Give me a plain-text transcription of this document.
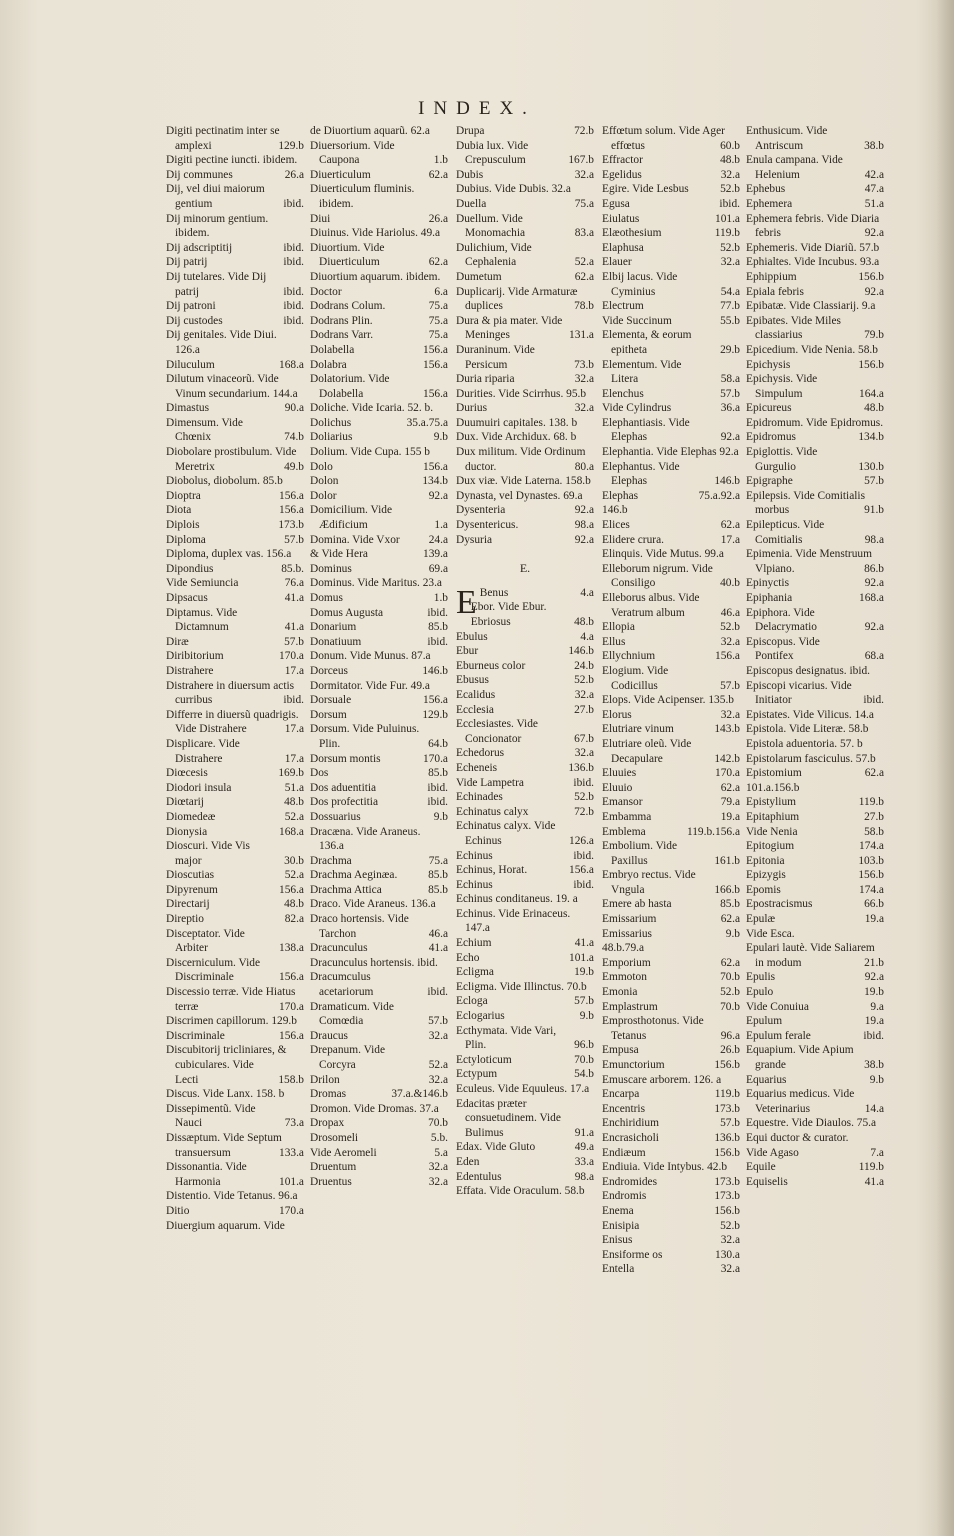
INDEX.
Digiti pectinatim inter se amplexi	129.b
Digiti pectine iuncti. ibidem.
Dij communes	26.a
Dij, vel diui maiorum gentium	ibid.
Dij minorum gentium. ibidem.
Dij adscriptitij	ibid.
Dij patrij	ibid.
Dij tutelares. Vide Dij patrij	ibid.
Dij patroni	ibid.
Dij custodes	ibid.
Dij genitales. Vide Diui. 126.a
Diluculum	168.a
Dilutum vinaceorũ. Vide Vinum secundarium. 144.a
Dimastus	90.a
Dimensum. Vide Chœnix	74.b
Diobolare prostibulum. Vide Meretrix	49.b
Diobolus, diobolum. 85.b
Dioptra	156.a
Diota	156.a
Diplois	173.b
Diploma	57.b
Diploma, duplex vas. 156.a
Dipondius	85.b.
Vide Semiuncia	76.a
Dipsacus	41.a
Diptamus. Vide Dictamnum	41.a
Diræ	57.b
Diribitorium	170.a
Distrahere	17.a
Distrahere in diuersum actis curribus	ibid.
Differre in diuersũ quadrigis. Vide Distrahere	17.a
Displicare. Vide Distrahere	17.a
Diœcesis	169.b
Diodori insula	51.a
Diœtarij	48.b
Diomedeæ	52.a
Dionysia	168.a
Dioscuri. Vide Vis major	30.b
Dioscutias	52.a
Dipyrenum	156.a
Directarij	48.b
Direptio	82.a
Disceptator. Vide Arbiter	138.a
Discerniculum. Vide Discriminale	156.a
Discessio terræ. Vide Hiatus terræ	170.a
Discrimen capillorum. 129.b
Discriminale	156.a
Discubitorij tricliniares, & cubiculares. Vide Lecti	158.b
Discus. Vide Lanx. 158. b
Dissepimentũ. Vide Nauci	73.a
Dissæptum. Vide Septum transuersum	133.a
Dissonantia. Vide Harmonia	101.a
Distentio. Vide Tetanus. 96.a
Ditio	170.a
Diuergium aquarum. Vide
de Diuortium aquarũ. 62.a
Diuersorium. Vide Caupona	1.b
Diuerticulum	62.a
Diuerticulum fluminis. ibidem.
Diui	26.a
Diuinus. Vide Hariolus. 49.a
Diuortium. Vide Diuerticulum	62.a
Diuortium aquarum. ibidem.
Doctor	6.a
Dodrans Colum.	75.a
Dodrans Plin.	75.a
Dodrans Varr.	75.a
Dolabella	156.a
Dolabra	156.a
Dolatorium. Vide Dolabella	156.a
Doliche. Vide Icaria. 52. b.
Dolichus	35.a.75.a
Doliarius	9.b
Dolium. Vide Cupa. 155 b
Dolo	156.a
Dolon	134.b
Dolor	92.a
Domicilium. Vide Ædificium	1.a
Domina. Vide Vxor	24.a
& Vide Hera	139.a
Dominus	69.a
Dominus. Vide Maritus. 23.a
Domus	1.b
Domus Augusta	ibid.
Donarium	85.b
Donatiuum	ibid.
Donum. Vide Munus. 87.a
Dorceus	146.b
Dormitator. Vide Fur. 49.a
Dorsuale	156.a
Dorsum	129.b
Dorsum. Vide Puluinus. Plin.	64.b
Dorsum montis	170.a
Dos	85.b
Dos aduentitia	ibid.
Dos profectitia	ibid.
Dossuarius	9.b
Dracæna. Vide Araneus. 136.a
Drachma	75.a
Drachma Aeginæa.	85.b
Drachma Attica	85.b
Draco. Vide Araneus. 136.a
Draco hortensis. Vide Tarchon	46.a
Dracunculus	41.a
Dracunculus hortensis. ibid.
Dracumculus acetariorum	ibid.
Dramaticum. Vide Comœdia	57.b
Draucus	32.a
Drepanum. Vide Corcyra	52.a
Drilon	32.a
Dromas	37.a.&146.b
Dromon. Vide Dromas. 37.a
Dropax	70.b
Drosomeli	5.b.
Vide Aeromeli	5.a
Druentum	32.a
Druentus	32.a
Drupa	72.b
Dubia lux. Vide Crepusculum	167.b
Dubis	32.a
Dubius. Vide Dubis. 32.a
Duella	75.a
Duellum. Vide Monomachia	83.a
Dulichium, Vide Cephalenia	52.a
Dumetum	62.a
Duplicarij. Vide Armaturæ duplices	78.b
Dura & pia mater. Vide Meninges	131.a
Duraninum. Vide Persicum	73.b
Duria riparia	32.a
Durities. Vide Scirrhus. 95.b
Durius	32.a
Duumuiri capitales. 138. b
Dux. Vide Archidux. 68. b
Dux militum. Vide Ordinum ductor.	80.a
Dux viæ. Vide Laterna. 158.b
Dynasta, vel Dynastes. 69.a
Dysenteria	92.a
Dysentericus.	98.a
Dysuria	92.a
E.
E Benus	4.a
Ebor. Vide Ebur.
Ebriosus	48.b
Ebulus	4.a
Ebur	146.b
Eburneus color	24.b
Ebusus	52.b
Ecalidus	32.a
Ecclesia	27.b
Ecclesiastes. Vide Concionator	67.b
Echedorus	32.a
Echeneis	136.b
Vide Lampetra	ibid.
Echinades	52.b
Echinatus calyx	72.b
Echinatus calyx. Vide Echinus	126.a
Echinus	ibid.
Echinus, Horat.	156.a
Echinus	ibid.
Echinus conditaneus. 19. a
Echinus. Vide Erinaceus. 147.a
Echium	41.a
Echo	101.a
Ecligma	19.b
Ecligma. Vide Illinctus. 70.b
Ecloga	57.b
Eclogarius	9.b
Ecthymata. Vide Vari, Plin.	96.b
Ectyloticum	70.b
Ectypum	54.b
Eculeus. Vide Equuleus. 17.a
Edacitas præter consuetudinem. Vide Bulimus	91.a
Edax. Vide Gluto	49.a
Eden	33.a
Edentulus	98.a
Effata. Vide Oraculum. 58.b
Effœtum solum. Vide Ager effœtus	60.b
Effractor	48.b
Egelidus	32.a
Egire. Vide Lesbus	52.b
Egusa	ibid.
Eiulatus	101.a
Elæothesium	119.b
Elaphusa	52.b
Elauer	32.a
Elbij lacus. Vide Cyminius	54.a
Electrum	77.b
Vide Succinum	55.b
Elementa, & eorum epitheta	29.b
Elementum. Vide Litera	58.a
Elenchus	57.b
Vide Cylindrus	36.a
Elephantiasis. Vide Elephas	92.a
Elephantia. Vide Elephas 92.a
Elephantus. Vide Elephas	146.b
Elephas	75.a.92.a
146.b
Elices	62.a
Elidere crura.	17.a
Elinquis. Vide Mutus. 99.a
Elleborum nigrum. Vide Consiligo	40.b
Elleborus albus. Vide Veratrum album	46.a
Ellopia	52.b
Ellus	32.a
Ellychnium	156.a
Elogium. Vide Codicillus	57.b
Elops. Vide Acipenser. 135.b
Elorus	32.a
Elutriare vinum	143.b
Elutriare oleũ. Vide Decapulare	142.b
Eluuies	170.a
Eluuio	62.a
Emansor	79.a
Embamma	19.a
Emblema	119.b.156.a
Embolium. Vide Paxillus	161.b
Embryo rectus. Vide Vngula	166.b
Emere ab hasta	85.b
Emissarium	62.a
Emissarius	9.b
48.b.79.a
Emporium	62.a
Emmoton	70.b
Emonia	52.b
Emplastrum	70.b
Emprosthotonus. Vide Tetanus	96.a
Empusa	26.b
Emunctorium	156.b
Emuscare arborem. 126. a
Encarpa	119.b
Encentris	173.b
Enchiridium	57.b
Encrasicholi	136.b
Endiæum	156.b
Endiuia. Vide Intybus. 42.b
Endromides	173.b
Endromis	173.b
Enema	156.b
Enisipia	52.b
Enisus	32.a
Ensiforme os	130.a
Entella	32.a
Enthusicum. Vide Antriscum	38.b
Enula campana. Vide Helenium	42.a
Ephebus	47.a
Ephemera	51.a
Ephemera febris. Vide Diaria febris	92.a
Ephemeris. Vide Diariũ. 57.b
Ephialtes. Vide Incubus. 93.a
Ephippium	156.b
Epiala febris	92.a
Epibatæ. Vide Classiarij. 9.a
Epibates. Vide Miles classiarius	79.b
Epicedium. Vide Nenia. 58.b
Epichysis	156.b
Epichysis. Vide Simpulum	164.a
Epicureus	48.b
Epidromum. Vide Epidromus.
Epidromus	134.b
Epiglottis. Vide Gurgulio	130.b
Epigraphe	57.b
Epilepsis. Vide Comitialis morbus	91.b
Epilepticus. Vide Comitialis	98.a
Epimenia. Vide Menstruum Vlpiano.	86.b
Epinyctis	92.a
Epiphania	168.a
Epiphora. Vide Delacrymatio	92.a
Episcopus. Vide Pontifex	68.a
Episcopus designatus. ibid.
Episcopi vicarius. Vide Initiator	ibid.
Epistates. Vide Vilicus. 14.a
Epistola. Vide Literæ. 58.b
Epistola aduentoria. 57. b
Epistolarum fasciculus. 57.b
Epistomium	62.a
101.a.156.b
Epistylium	119.b
Epitaphium	27.b
Vide Nenia	58.b
Epitogium	174.a
Epitonia	103.b
Epizygis	156.b
Epomis	174.a
Epostracismus	66.b
Epulæ	19.a
Vide Esca.
Epulari lautè. Vide Saliarem in modum	21.b
Epulis	92.a
Epulo	19.b
Vide Conuiua	9.a
Epulum	19.a
Epulum ferale	ibid.
Equapium. Vide Apium grande	38.b
Equarius	9.b
Equarius medicus. Vide Veterinarius	14.a
Equestre. Vide Diaulos. 75.a
Equi ductor & curator.
Vide Agaso	7.a
Equile	119.b
Equiselis	41.a
